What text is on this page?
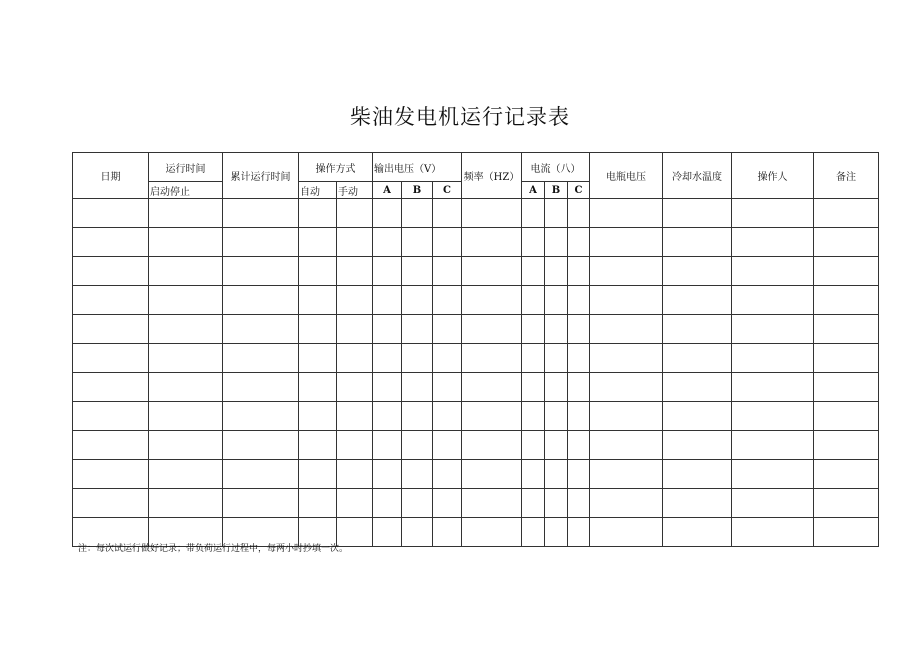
柴油发电机运行记录表
日期	运行时间	累计运行时间	操作方式		输出电压（V）			频率（HZ）	电流（八）			电瓶电压	冷却水温度	操作人	备注
	启动停止		自动	手动	A	B	C		A	B	C				

注：每次试运行做好记录；带负荷运行过程中，每两小时抄填一次。
